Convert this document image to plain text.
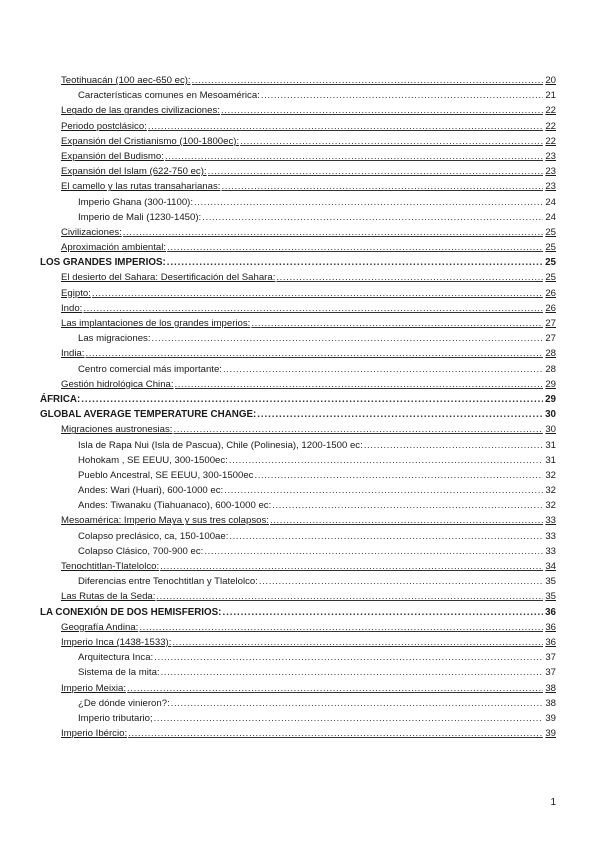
Teotihuacán (100 aec-650 ec): .....	20
Características comunes en Mesoamérica: .....	21
Legado de las grandes civilizaciones: .....	22
Periodo postclásico: .....	22
Expansión del Cristianismo (100-1800ec): .....	22
Expansión del Budismo: .....	23
Expansión del Islam (622-750 ec): .....	23
El camello y las rutas transaharianas: .....	23
Imperio Ghana (300-1100): .....	24
Imperio de Mali (1230-1450): .....	24
Civilizaciones: .....	25
Aproximación ambiental: .....	25
LOS GRANDES IMPERIOS: .....	25
El desierto del Sahara: Desertificación del Sahara: .....	25
Egipto: .....	26
Indo: .....	26
Las implantaciones de los grandes imperios: .....	27
Las migraciones: .....	27
India: .....	28
Centro comercial más importante: .....	28
Gestión hidrológica China: .....	29
ÁFRICA: .....	29
GLOBAL AVERAGE TEMPERATURE CHANGE: .....	30
Migraciones austronesias: .....	30
Isla de Rapa Nui (Isla de Pascua), Chile (Polinesia), 1200-1500 ec: .....	31
Hohokam , SE EEUU, 300-1500ec: .....	31
Pueblo Ancestral, SE EEUU, 300-1500ec .....	32
Andes: Wari (Huari), 600-1000 ec: .....	32
Andes: Tiwanaku (Tiahuanaco), 600-1000 ec: .....	32
Mesoamérica: Imperio Maya y sus tres colapsos: .....	33
Colapso preclásico, ca, 150-100ae: .....	33
Colapso Clásico, 700-900 ec: .....	33
Tenochtitlan-Tlatelolco: .....	34
Diferencias entre Tenochtitlan y Tlatelolco: .....	35
Las Rutas de la Seda: .....	35
LA CONEXIÓN DE DOS HEMISFERIOS: .....	36
Geografía Andina: .....	36
Imperio Inca (1438-1533): .....	36
Arquitectura Inca: .....	37
Sistema de la mita: .....	37
Imperio Meixia: .....	38
¿De dónde vinieron?: .....	38
Imperio tributario; .....	39
Imperio Ibércio: .....	39
1
